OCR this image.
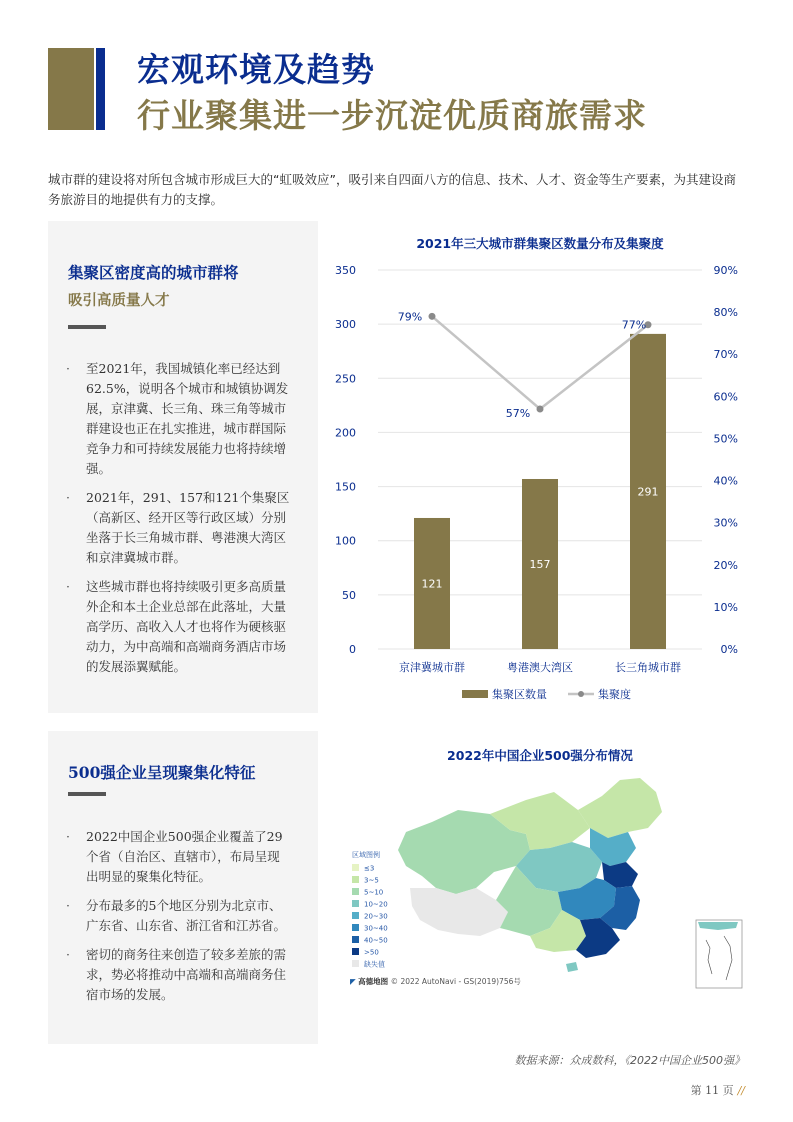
宏观环境及趋势
行业聚集进一步沉淀优质商旅需求
城市群的建设将对所包含城市形成巨大的“虹吸效应”，吸引来自四面八方的信息、技术、人才、资金等生产要素，为其建设商务旅游目的地提供有力的支撑。
集聚区密度高的城市群将
吸引高质量人才
· 至2021年，我国城镇化率已经达到62.5%，说明各个城市和城镇协调发展，京津冀、长三角、珠三角等城市群建设也正在扎实推进，城市群国际竞争力和可持续发展能力也将持续增强。
· 2021年，291、157和121个集聚区（高新区、经开区等行政区域）分别坐落于长三角城市群、粤港澳大湾区和京津冀城市群。
· 这些城市群也将持续吸引更多高质量外企和本土企业总部在此落址，大量高学历、高收入人才也将作为硬核驱动力，为中高端和高端商务酒店市场的发展添翼赋能。
500强企业呈现聚集化特征
· 2022中国企业500强企业覆盖了29个省（自治区、直辖市），布局呈现出明显的聚集化特征。
· 分布最多的5个地区分别为北京市、广东省、山东省、浙江省和江苏省。
· 密切的商务往来创造了较多差旅的需求，势必将推动中高端和高端商务住宿市场的发展。
2021年三大城市群集聚区数量分布及集聚度
0
50
100
150
200
250
300
350
0%
10%
20%
30%
40%
50%
60%
70%
80%
90%
121
京津冀城市群
157
粤港澳大湾区
291
长三角城市群
79%
57%
77%
集聚区数量	集聚度
2022年中国企业500强分布情况
区域图例
≤3
3~5
5~10
10~20
20~30
30~40
40~50
>50
缺失值
◤ 高德地图 © 2022 AutoNavi - GS(2019)756号
数据来源：众成数科，《2022中国企业500强》
第 11 页 //
